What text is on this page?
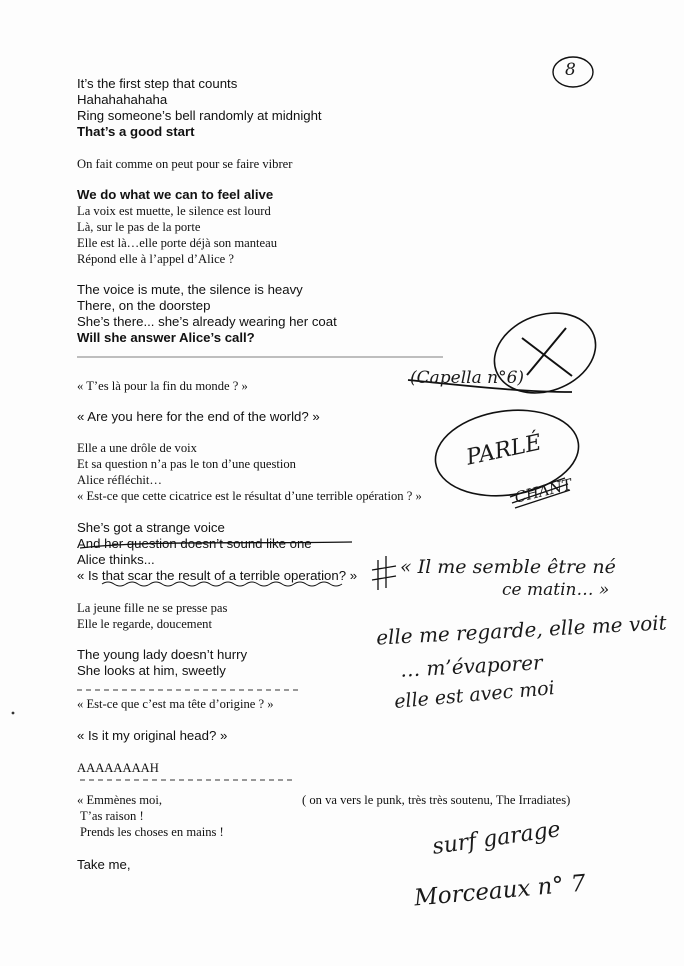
8
It’s the first step that counts
Hahahahahaha
Ring someone’s bell randomly at midnight
That’s a good start
On fait comme on peut pour se faire vibrer
We do what we can to feel alive
La voix est muette, le silence est lourd
Là, sur le pas de la porte
Elle est là…elle porte déjà son manteau
Répond elle à l’appel d’Alice ?
The voice is mute, the silence is heavy
There, on the doorstep
She’s there... she’s already wearing her coat
Will she answer Alice’s call?
« T’es là pour la fin du monde ? »
« Are you here for the end of the world? »
Elle a une drôle de voix
Et sa question n’a pas le ton d’une question
Alice réfléchit…
« Est-ce que cette cicatrice est le résultat d’une terrible opération ? »
She’s got a strange voice
And her question doesn’t sound like one
Alice thinks...
« Is that scar the result of a terrible operation? »
La jeune fille ne se presse pas
Elle le regarde, doucement
The young lady doesn’t hurry
She looks at him, sweetly
« Est-ce que c’est ma tête d’origine ? »
« Is it my original head? »
AAAAAAAAH
« Emmènes moi,
T’as raison !
Prends les choses en mains !
( on va vers le punk, très très soutenu, The Irradiates)
Take me,
(Capella n°6)
PARLÉ
CHANT
« Il me semble être né
ce matin… »
elle me regarde, elle me voit
… m’évaporer
elle est avec moi
surf garage
Morceaux n° 7
